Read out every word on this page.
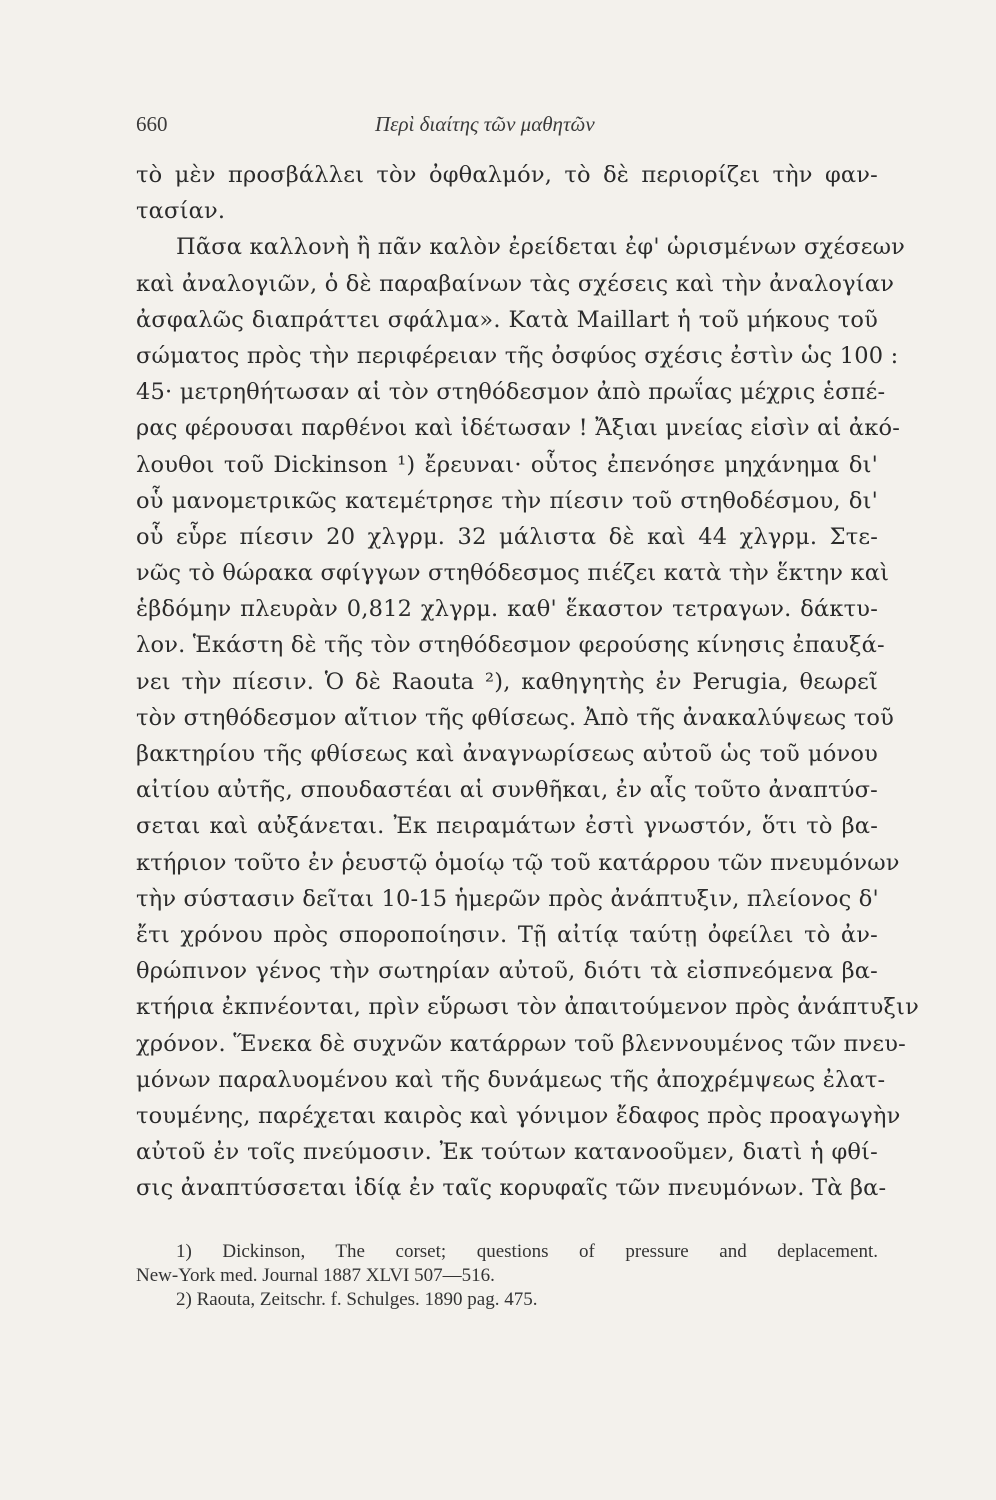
660	Περὶ διαίτης τῶν μαθητῶν
τὸ μὲν προσβάλλει τὸν ὀφθαλμόν, τὸ δὲ περιορίζει τὴν φαν-
τασίαν.
Πᾶσα καλλονὴ ἢ πᾶν καλὸν ἐρείδεται ἐφ' ὡρισμένων σχέσεων
καὶ ἀναλογιῶν, ὁ δὲ παραβαίνων τὰς σχέσεις καὶ τὴν ἀναλογίαν
ἀσφαλῶς διαπράττει σφάλμα». Κατὰ Maillart ἡ τοῦ μήκους τοῦ
σώματος πρὸς τὴν περιφέρειαν τῆς ὀσφύος σχέσις ἐστὶν ὡς 100 :
45· μετρηθήτωσαν αἱ τὸν στηθόδεσμον ἀπὸ πρωΐας μέχρις ἑσπέ-
ρας φέρουσαι παρθένοι καὶ ἰδέτωσαν ! Ἄξιαι μνείας εἰσὶν αἱ ἀκό-
λουθοι τοῦ Dickinson ¹) ἔρευναι· οὗτος ἐπενόησε μηχάνημα δι'
οὗ μανομετρικῶς κατεμέτρησε τὴν πίεσιν τοῦ στηθοδέσμου, δι'
οὗ εὗρε πίεσιν 20 χλγρμ. 32 μάλιστα δὲ καὶ 44 χλγρμ. Στε-
νῶς τὸ θώρακα σφίγγων στηθόδεσμος πιέζει κατὰ τὴν ἕκτην καὶ
ἑβδόμην πλευρὰν 0,812 χλγρμ. καθ' ἕκαστον τετραγων. δάκτυ-
λον. Ἑκάστη δὲ τῆς τὸν στηθόδεσμον φερούσης κίνησις ἐπαυξά-
νει τὴν πίεσιν. Ὁ δὲ Raouta ²), καθηγητὴς ἐν Perugia, θεωρεῖ
τὸν στηθόδεσμον αἴτιον τῆς φθίσεως. Ἀπὸ τῆς ἀνακαλύψεως τοῦ
βακτηρίου τῆς φθίσεως καὶ ἀναγνωρίσεως αὐτοῦ ὡς τοῦ μόνου
αἰτίου αὐτῆς, σπουδαστέαι αἱ συνθῆκαι, ἐν αἷς τοῦτο ἀναπτύσ-
σεται καὶ αὐξάνεται. Ἐκ πειραμάτων ἐστὶ γνωστόν, ὅτι τὸ βα-
κτήριον τοῦτο ἐν ῥευστῷ ὁμοίῳ τῷ τοῦ κατάρρου τῶν πνευμόνων
τὴν σύστασιν δεῖται 10-15 ἡμερῶν πρὸς ἀνάπτυξιν, πλείονος δ'
ἔτι χρόνου πρὸς σποροποίησιν. Τῇ αἰτίᾳ ταύτῃ ὀφείλει τὸ ἀν-
θρώπινον γένος τὴν σωτηρίαν αὐτοῦ, διότι τὰ εἰσπνεόμενα βα-
κτήρια ἐκπνέονται, πρὶν εὕρωσι τὸν ἀπαιτούμενον πρὸς ἀνάπτυξιν
χρόνον. Ἕνεκα δὲ συχνῶν κατάρρων τοῦ βλεννουμένος τῶν πνευ-
μόνων παραλυομένου καὶ τῆς δυνάμεως τῆς ἀποχρέμψεως ἐλατ-
τουμένης, παρέχεται καιρὸς καὶ γόνιμον ἔδαφος πρὸς προαγωγὴν
αὐτοῦ ἐν τοῖς πνεύμοσιν. Ἐκ τούτων κατανοοῦμεν, διατὶ ἡ φθί-
σις ἀναπτύσσεται ἰδίᾳ ἐν ταῖς κορυφαῖς τῶν πνευμόνων. Τὰ βα-
1) Dickinson, The corset; questions of pressure and deplacement.
New-York med. Journal 1887 XLVI 507—516.
2) Raouta, Zeitschr. f. Schulges. 1890 pag. 475.
